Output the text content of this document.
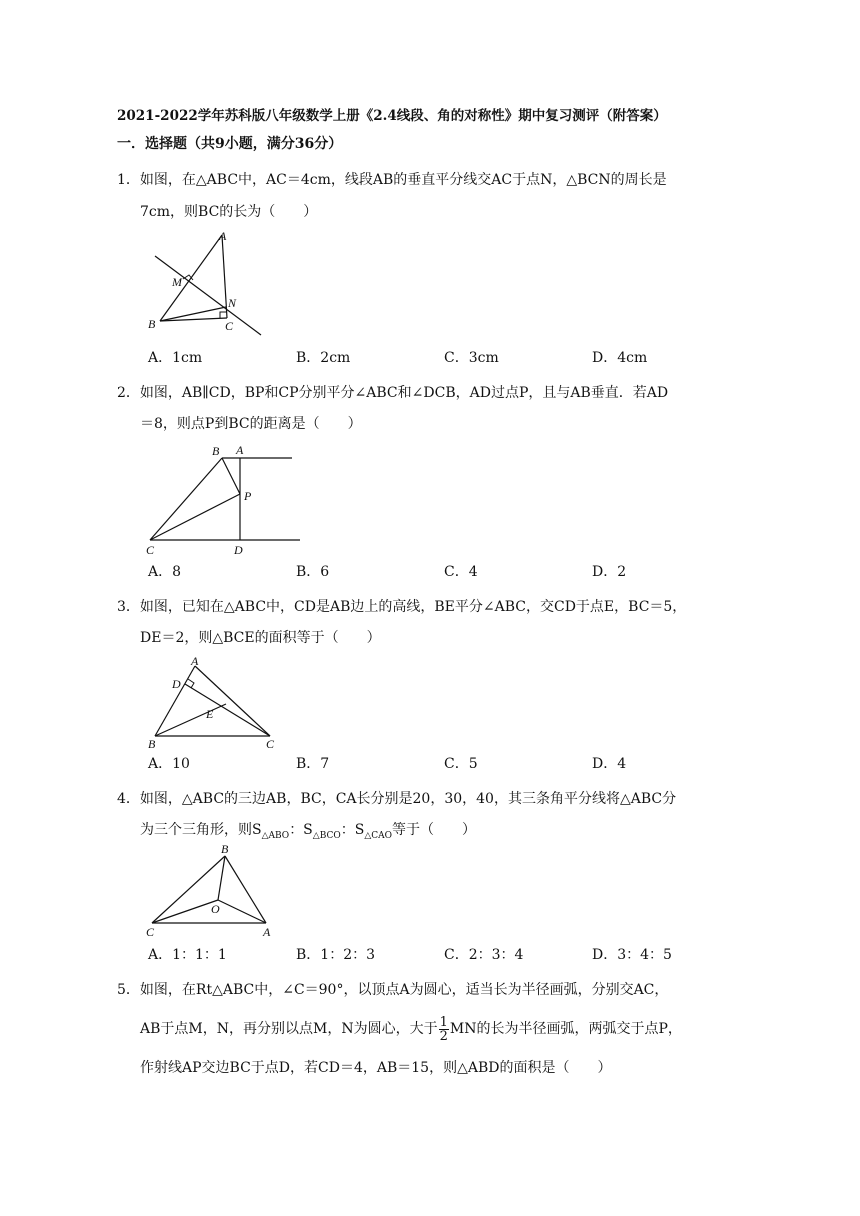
2021-2022学年苏科版八年级数学上册《2.4线段、角的对称性》期中复习测评（附答案）
一．选择题（共9小题，满分36分）
1．如图，在△ABC中，AC＝4cm，线段AB的垂直平分线交AC于点N，△BCN的周长是
7cm，则BC的长为（　　）
A
M
N
B	C
A．1cm	B．2cm	C．3cm	D．4cm
2．如图，AB∥CD，BP和CP分别平分∠ABC和∠DCB，AD过点P，且与AB垂直．若AD
＝8，则点P到BC的距离是（　　）
B A
P
C	D
A．8	B．6	C．4	D．2
3．如图，已知在△ABC中，CD是AB边上的高线，BE平分∠ABC，交CD于点E，BC＝5，
DE＝2，则△BCE的面积等于（　　）
A
D
E
B	C
A．10	B．7	C．5	D．4
4．如图，△ABC的三边AB，BC，CA长分别是20，30，40，其三条角平分线将△ABC分
为三个三角形，则$S_{\triangle ABO}$：$S_{\triangle BCO}$：$S_{\triangle CAO}$等于（　　）
B
O
C	A
A．1：1：1	B．1：2：3	C．2：3：4	D．3：4：5
5．如图，在Rt△ABC中，∠C＝90°，以顶点A为圆心，适当长为半径画弧，分别交AC，
AB于点M，N，再分别以点M，N为圆心，大于 $\frac{1}{2}$ MN的长为半径画弧，两弧交于点P，
作射线AP交边BC于点D，若CD＝4，AB＝15，则△ABD的面积是（　　）
